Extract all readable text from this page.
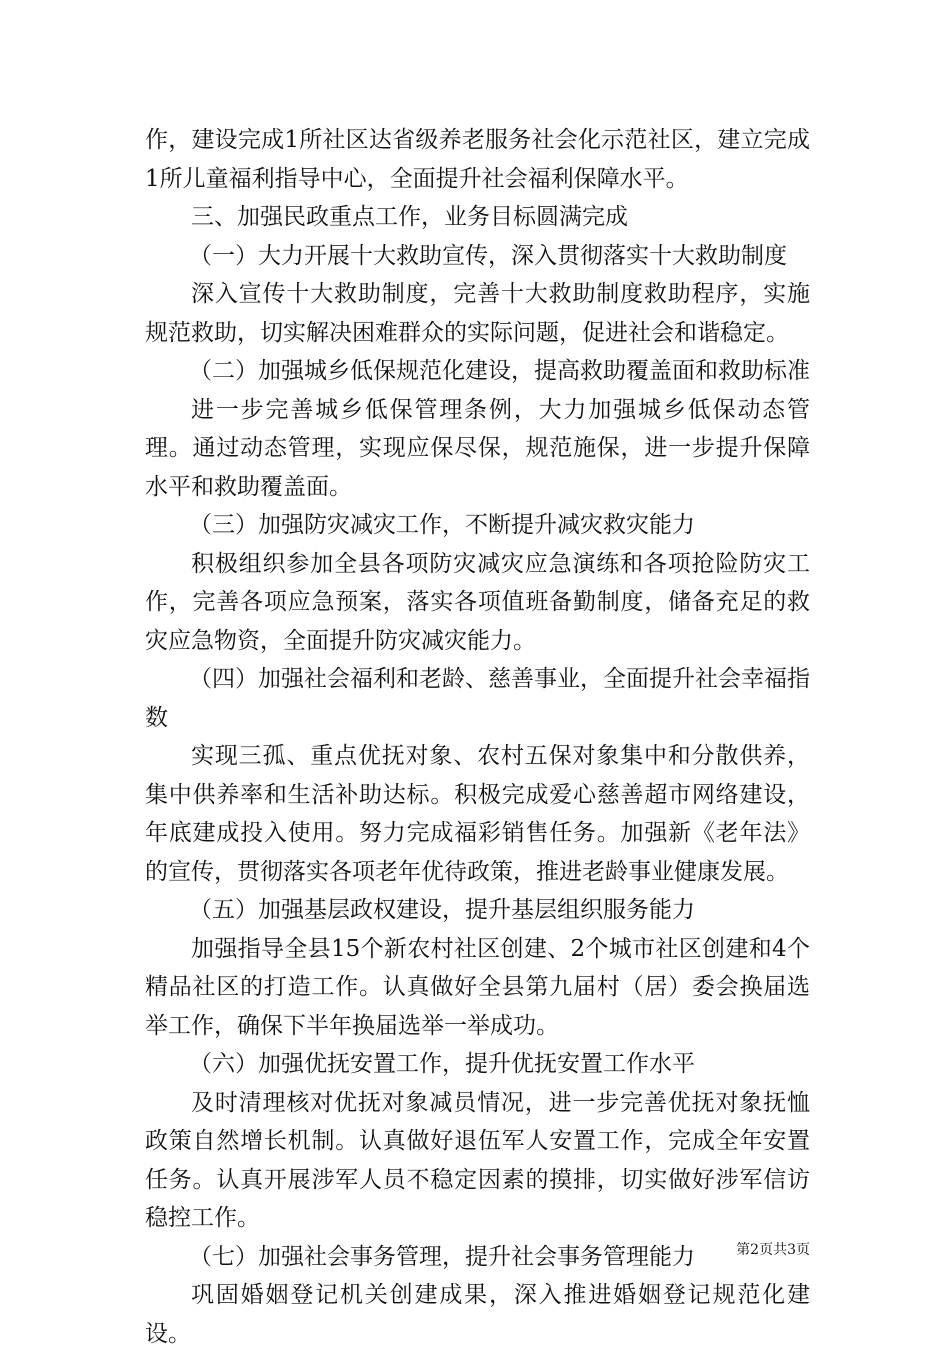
作，建设完成1所社区达省级养老服务社会化示范社区，建立完成1所儿童福利指导中心，全面提升社会福利保障水平。

三、加强民政重点工作，业务目标圆满完成

（一）大力开展十大救助宣传，深入贯彻落实十大救助制度

深入宣传十大救助制度，完善十大救助制度救助程序，实施规范救助，切实解决困难群众的实际问题，促进社会和谐稳定。

（二）加强城乡低保规范化建设，提高救助覆盖面和救助标准

进一步完善城乡低保管理条例，大力加强城乡低保动态管理。通过动态管理，实现应保尽保，规范施保，进一步提升保障水平和救助覆盖面。

（三）加强防灾减灾工作，不断提升减灾救灾能力

积极组织参加全县各项防灾减灾应急演练和各项抢险防灾工作，完善各项应急预案，落实各项值班备勤制度，储备充足的救灾应急物资，全面提升防灾减灾能力。

（四）加强社会福利和老龄、慈善事业，全面提升社会幸福指数

实现三孤、重点优抚对象、农村五保对象集中和分散供养，集中供养率和生活补助达标。积极完成爱心慈善超市网络建设，年底建成投入使用。努力完成福彩销售任务。加强新《老年法》的宣传，贯彻落实各项老年优待政策，推进老龄事业健康发展。

（五）加强基层政权建设，提升基层组织服务能力

加强指导全县15个新农村社区创建、2个城市社区创建和4个精品社区的打造工作。认真做好全县第九届村（居）委会换届选举工作，确保下半年换届选举一举成功。

（六）加强优抚安置工作，提升优抚安置工作水平

及时清理核对优抚对象减员情况，进一步完善优抚对象抚恤政策自然增长机制。认真做好退伍军人安置工作，完成全年安置任务。认真开展涉军人员不稳定因素的摸排，切实做好涉军信访稳控工作。

（七）加强社会事务管理，提升社会事务管理能力

巩固婚姻登记机关创建成果，深入推进婚姻登记规范化建设。

第2页共3页
